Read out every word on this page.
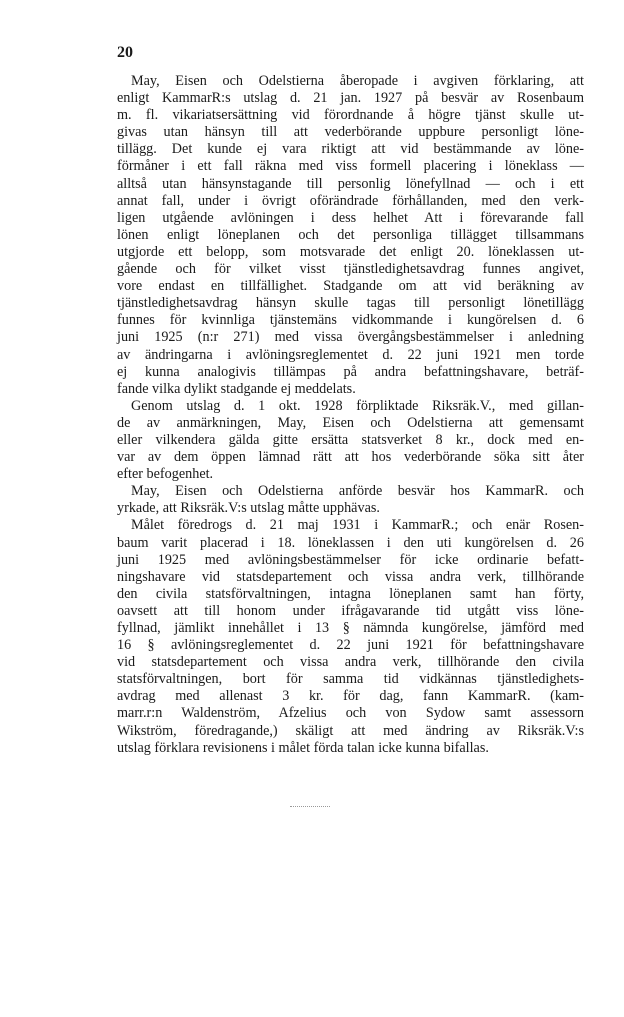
20
May, Eisen och Odelstierna åberopade i avgiven förklaring, att
enligt KammarR:s utslag d. 21 jan. 1927 på besvär av Rosenbaum
m. fl. vikariatsersättning vid förordnande å högre tjänst skulle ut-
givas utan hänsyn till att vederbörande uppbure personligt löne-
tillägg. Det kunde ej vara riktigt att vid bestämmande av löne-
förmåner i ett fall räkna med viss formell placering i löneklass —
alltså utan hänsynstagande till personlig lönefyllnad — och i ett
annat fall, under i övrigt oförändrade förhållanden, med den verk-
ligen utgående avlöningen i dess helhet Att i förevarande fall
lönen enligt löneplanen och det personliga tillägget tillsammans
utgjorde ett belopp, som motsvarade det enligt 20. löneklassen ut-
gående och för vilket visst tjänstledighetsavdrag funnes angivet,
vore endast en tillfällighet. Stadgande om att vid beräkning av
tjänstledighetsavdrag hänsyn skulle tagas till personligt lönetillägg
funnes för kvinnliga tjänstemäns vidkommande i kungörelsen d. 6
juni 1925 (n:r 271) med vissa övergångsbestämmelser i anledning
av ändringarna i avlöningsreglementet d. 22 juni 1921 men torde
ej kunna analogivis tillämpas på andra befattningshavare, beträf-
fande vilka dylikt stadgande ej meddelats.
Genom utslag d. 1 okt. 1928 förpliktade Riksräk.V., med gillan-
de av anmärkningen, May, Eisen och Odelstierna att gemensamt
eller vilkendera gälda gitte ersätta statsverket 8 kr., dock med en-
var av dem öppen lämnad rätt att hos vederbörande söka sitt åter
efter befogenhet.
May, Eisen och Odelstierna anförde besvär hos KammarR. och
yrkade, att Riksräk.V:s utslag måtte upphävas.
Målet föredrogs d. 21 maj 1931 i KammarR.; och enär Rosen-
baum varit placerad i 18. löneklassen i den uti kungörelsen d. 26
juni 1925 med avlöningsbestämmelser för icke ordinarie befatt-
ningshavare vid statsdepartement och vissa andra verk, tillhörande
den civila statsförvaltningen, intagna löneplanen samt han förty,
oavsett att till honom under ifrågavarande tid utgått viss löne-
fyllnad, jämlikt innehållet i 13 § nämnda kungörelse, jämförd med
16 § avlöningsreglementet d. 22 juni 1921 för befattningshavare
vid statsdepartement och vissa andra verk, tillhörande den civila
statsförvaltningen, bort för samma tid vidkännas tjänstledighets-
avdrag med allenast 3 kr. för dag, fann KammarR. (kam-
marr.r:n Waldenström, Afzelius och von Sydow samt assessorn
Wikström, föredragande,) skäligt att med ändring av Riksräk.V:s
utslag förklara revisionens i målet förda talan icke kunna bifallas.
